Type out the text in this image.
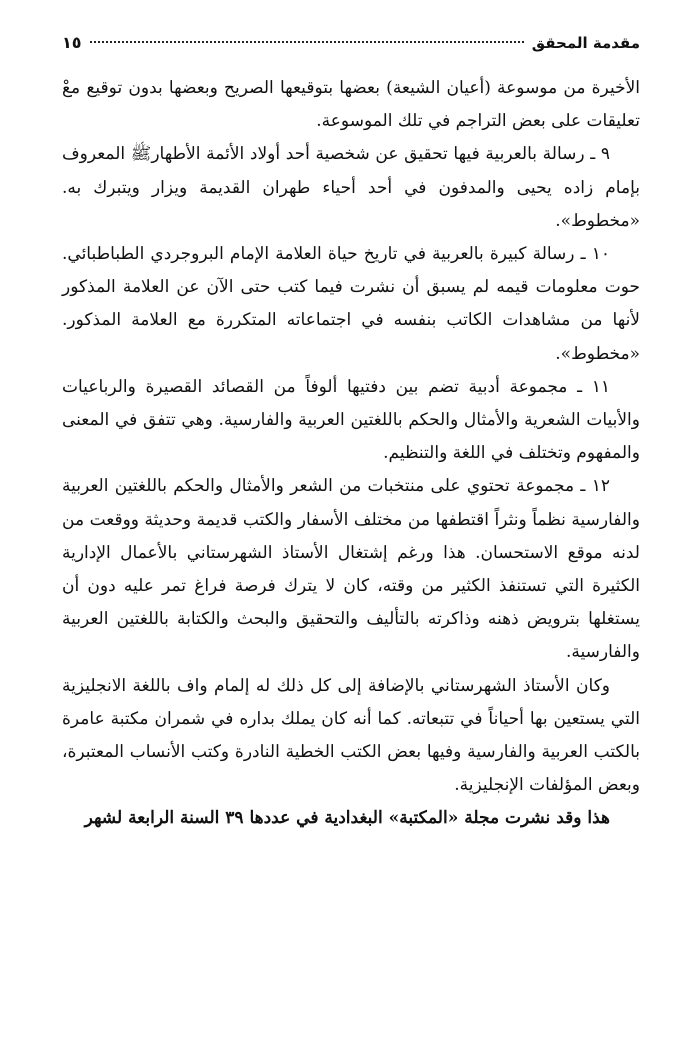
مقدمة المحقق
١٥

الأخيرة من موسوعة (أعيان الشيعة) بعضها بتوقيعها الصريح وبعضها بدون توقيع معْ تعليقات على بعض التراجم في تلك الموسوعة.

٩ ـ رسالة بالعربية فيها تحقيق عن شخصية أحد أولاد الأئمة الأطهارﷺ المعروف بإمام زاده يحيى والمدفون في أحد أحياء طهران القديمة ويزار ويتبرك به. «مخطوط».

١٠ ـ رسالة كبيرة بالعربية في تاريخ حياة العلامة الإمام البروجردي الطباطبائي. حوت معلومات قيمه لم يسبق أن نشرت فيما كتب حتى الآن عن العلامة المذكور لأنها من مشاهدات الكاتب بنفسه في اجتماعاته المتكررة مع العلامة المذكور. «مخطوط».

١١ ـ مجموعة أدبية تضم بين دفتيها ألوفاً من القصائد القصيرة والرباعيات والأبيات الشعرية والأمثال والحكم باللغتين العربية والفارسية. وهي تتفق في المعنى والمفهوم وتختلف في اللغة والتنظيم.

١٢ ـ مجموعة تحتوي على منتخبات من الشعر والأمثال والحكم باللغتين العربية والفارسية نظماً ونثراً اقتطفها من مختلف الأسفار والكتب قديمة وحديثة ووقعت من لدنه موقع الاستحسان. هذا ورغم إشتغال الأستاذ الشهرستاني بالأعمال الإدارية الكثيرة التي تستنفذ الكثير من وقته، كان لا يترك فرصة فراغ تمر عليه دون أن يستغلها بترويض ذهنه وذاكرته بالتأليف والتحقيق والبحث والكتابة باللغتين العربية والفارسية.

وكان الأستاذ الشهرستاني بالإضافة إلى كل ذلك له إلمام واف باللغة الانجليزية التي يستعين بها أحياناً في تتبعاته. كما أنه كان يملك بداره في شمران مكتبة عامرة بالكتب العربية والفارسية وفيها بعض الكتب الخطية النادرة وكتب الأنساب المعتبرة، وبعض المؤلفات الإنجليزية.

هذا وقد نشرت مجلة «المكتبة» البغدادية في عددها ٣٩ السنة الرابعة لشهر
